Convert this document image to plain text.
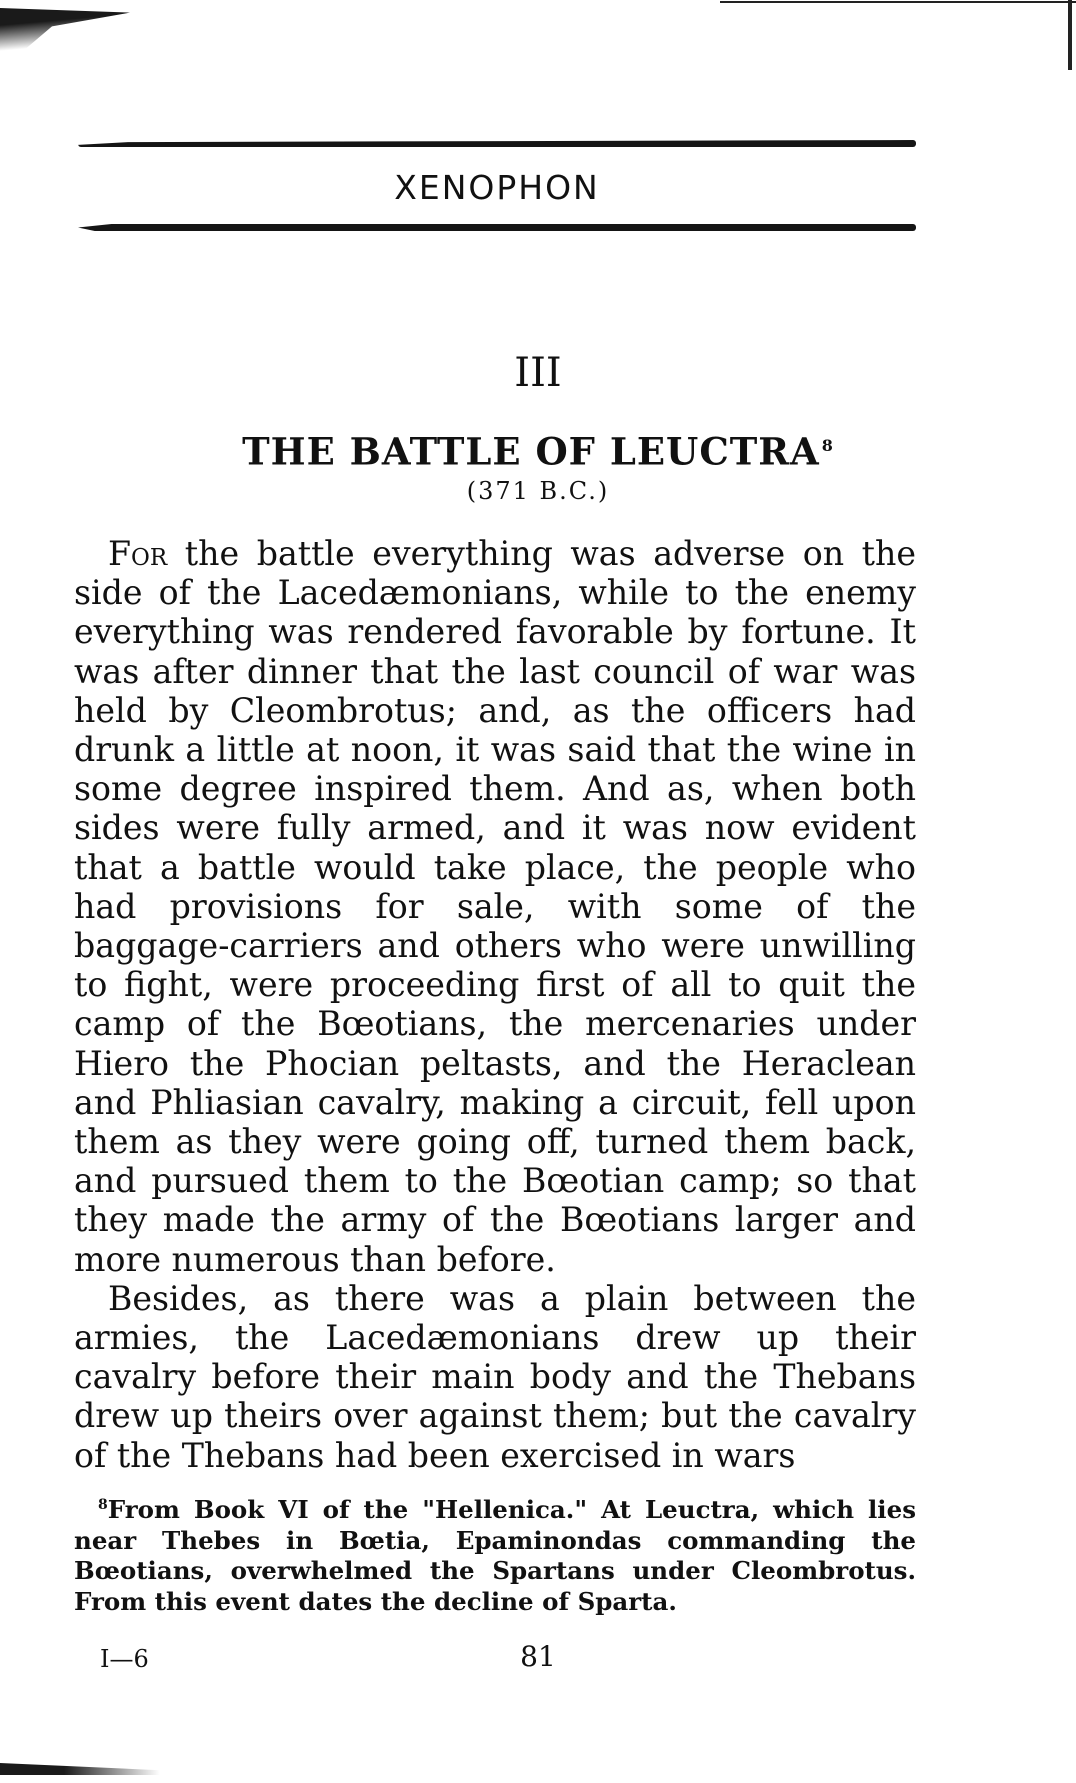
XENOPHON
III
THE BATTLE OF LEUCTRA $^8$
(371 B.C.)

For the battle everything was adverse on the side of the Lacedæmonians, while to the enemy everything was rendered favorable by fortune. It was after dinner that the last council of war was held by Cleombrotus; and, as the officers had drunk a little at noon, it was said that the wine in some degree inspired them. And as, when both sides were fully armed, and it was now evident that a battle would take place, the people who had provisions for sale, with some of the baggage-carriers and others who were unwilling to fight, were proceeding first of all to quit the camp of the Bœotians, the mercenaries under Hiero the Phocian peltasts, and the Heraclean and Phliasian cavalry, making a circuit, fell upon them as they were going off, turned them back, and pursued them to the Bœotian camp; so that they made the army of the Bœotians larger and more numerous than before.

Besides, as there was a plain between the armies, the Lacedæmonians drew up their cavalry before their main body and the Thebans drew up theirs over against them; but the cavalry of the Thebans had been exercised in wars

$^8$From Book VI of the "Hellenica." At Leuctra, which lies near Thebes in Bœtia, Epaminondas commanding the Bœotians, overwhelmed the Spartans under Cleombrotus. From this event dates the decline of Sparta.

I—6	81
